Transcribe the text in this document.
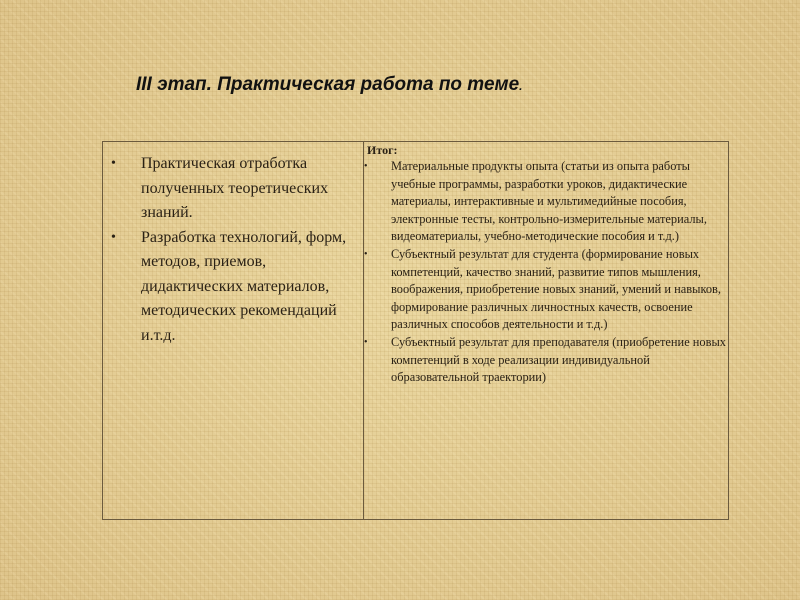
III этап. Практическая работа по теме.
• Практическая отработка полученных теоретических знаний.
• Разработка технологий, форм, методов, приемов, дидактических материалов, методических рекомендаций и.т.д.

Итог:
• Материальные продукты опыта (статьи из опыта работы учебные программы, разработки уроков, дидактические материалы, интерактивные и мультимедийные пособия, электронные тесты, контрольно-измерительные материалы, видеоматериалы, учебно-методические пособия и т.д.)
• Субъектный результат для студента (формирование новых компетенций, качество знаний, развитие типов мышления, воображения, приобретение новых знаний, умений и навыков, формирование различных личностных качеств, освоение различных способов деятельности и т.д.)
• Субъектный результат для преподавателя (приобретение новых компетенций в ходе реализации индивидуальной образовательной траектории)
